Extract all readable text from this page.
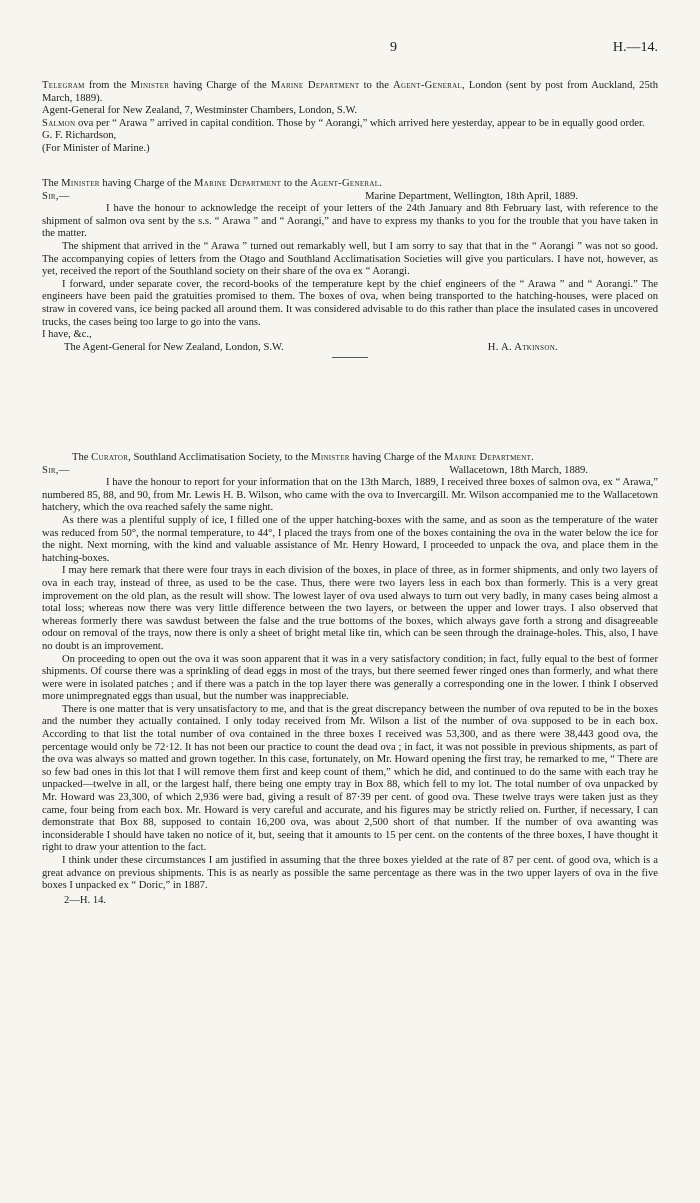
9	H.—14.

Telegram from the Minister having Charge of the Marine Department to the Agent-General, London (sent by post from Auckland, 25th March, 1889).

Agent-General for New Zealand, 7, Westminster Chambers, London, S.W.

Salmon ova per “ Arawa ” arrived in capital condition. Those by “ Aorangi,” which arrived here yesterday, appear to be in equally good order.

G. F. Richardson,

(For Minister of Marine.)

The Minister having Charge of the Marine Department to the Agent-General.

Sir,—	Marine Department, Wellington, 18th April, 1889.

I have the honour to acknowledge the receipt of your letters of the 24th January and 8th February last, with reference to the shipment of salmon ova sent by the s.s. “ Arawa ” and “ Aorangi,” and have to express my thanks to you for the trouble that you have taken in the matter.

The shipment that arrived in the “ Arawa ” turned out remarkably well, but I am sorry to say that that in the “ Aorangi ” was not so good. The accompanying copies of letters from the Otago and Southland Acclimatisation Societies will give you particulars. I have not, however, as yet, received the report of the Southland society on their share of the ova ex “ Aorangi.

I forward, under separate cover, the record-books of the temperature kept by the chief engineers of the “ Arawa ” and “ Aorangi.” The engineers have been paid the gratuities promised to them. The boxes of ova, when being transported to the hatching-houses, were placed on straw in covered vans, ice being packed all around them. It was considered advisable to do this rather than place the insulated cases in uncovered trucks, the cases being too large to go into the vans.

I have, &c.,

The Agent-General for New Zealand, London, S.W.	H. A. Atkinson.

The Curator, Southland Acclimatisation Society, to the Minister having Charge of the Marine Department.

Sir,—	Wallacetown, 18th March, 1889.

I have the honour to report for your information that on the 13th March, 1889, I received three boxes of salmon ova, ex “ Arawa,” numbered 85, 88, and 90, from Mr. Lewis H. B. Wilson, who came with the ova to Invercargill. Mr. Wilson accompanied me to the Wallacetown hatchery, which the ova reached safely the same night.

As there was a plentiful supply of ice, I filled one of the upper hatching-boxes with the same, and as soon as the temperature of the water was reduced from 50°, the normal temperature, to 44°, I placed the trays from one of the boxes containing the ova in the water below the ice for the night. Next morning, with the kind and valuable assistance of Mr. Henry Howard, I proceeded to unpack the ova, and place them in the hatching-boxes.

I may here remark that there were four trays in each division of the boxes, in place of three, as in former shipments, and only two layers of ova in each tray, instead of three, as used to be the case. Thus, there were two layers less in each box than formerly. This is a very great improvement on the old plan, as the result will show. The lowest layer of ova used always to turn out very badly, in many cases being almost a total loss; whereas now there was very little difference between the two layers, or between the upper and lower trays. I also observed that whereas formerly there was sawdust between the false and the true bottoms of the boxes, which always gave forth a strong and disagreeable odour on removal of the trays, now there is only a sheet of bright metal like tin, which can be seen through the drainage-holes. This, also, I have no doubt is an improvement.

On proceeding to open out the ova it was soon apparent that it was in a very satisfactory condition; in fact, fully equal to the best of former shipments. Of course there was a sprinkling of dead eggs in most of the trays, but there seemed fewer ringed ones than formerly, and what there were were in isolated patches ; and if there was a patch in the top layer there was generally a corresponding one in the lower. I think I observed more unimpregnated eggs than usual, but the number was inappreciable.

There is one matter that is very unsatisfactory to me, and that is the great discrepancy between the number of ova reputed to be in the boxes and the number they actually contained. I only today received from Mr. Wilson a list of the number of ova supposed to be in each box. According to that list the total number of ova contained in the three boxes I received was 53,300, and as there were 38,443 good ova, the percentage would only be 72·12. It has not been our practice to count the dead ova ; in fact, it was not possible in previous shipments, as part of the ova was always so matted and grown together. In this case, fortunately, on Mr. Howard opening the first tray, he remarked to me, “ There are so few bad ones in this lot that I will remove them first and keep count of them,” which he did, and continued to do the same with each tray he unpacked—twelve in all, or the largest half, there being one empty tray in Box 88, which fell to my lot. The total number of ova unpacked by Mr. Howard was 23,300, of which 2,936 were bad, giving a result of 87·39 per cent. of good ova. These twelve trays were taken just as they came, four being from each box. Mr. Howard is very careful and accurate, and his figures may be strictly relied on. Further, if necessary, I can demonstrate that Box 88, supposed to contain 16,200 ova, was about 2,500 short of that number. If the number of ova awanting was inconsiderable I should have taken no notice of it, but, seeing that it amounts to 15 per cent. on the contents of the three boxes, I have thought it right to draw your attention to the fact.

I think under these circumstances I am justified in assuming that the three boxes yielded at the rate of 87 per cent. of good ova, which is a great advance on previous shipments. This is as nearly as possible the same percentage as there was in the two upper layers of ova in the five boxes I unpacked ex “ Doric,” in 1887.

2—H. 14.
